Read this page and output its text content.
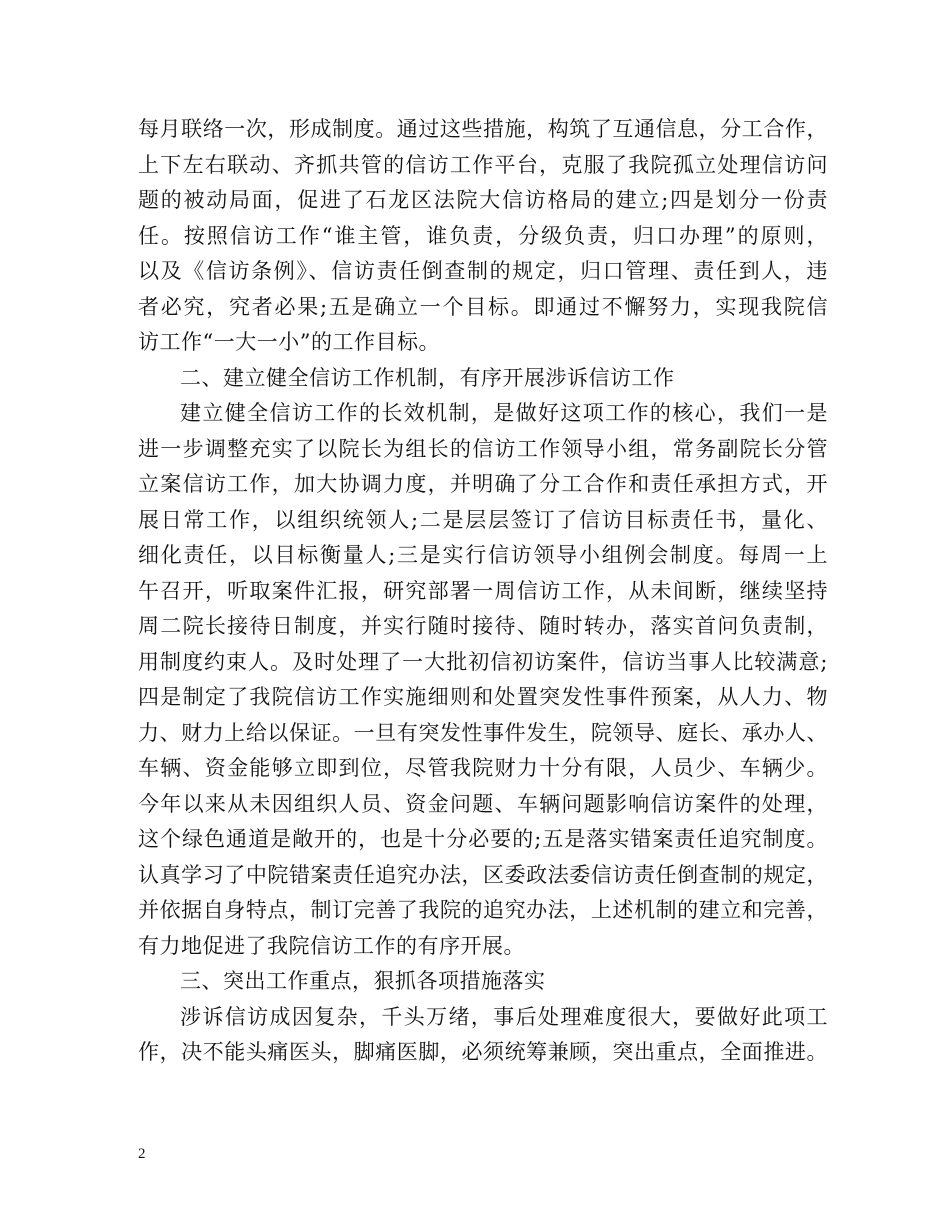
每月联络一次，形成制度。通过这些措施，构筑了互通信息，分工合作，
上下左右联动、齐抓共管的信访工作平台，克服了我院孤立处理信访问
题的被动局面，促进了石龙区法院大信访格局的建立;四是划分一份责
任。按照信访工作“谁主管，谁负责，分级负责，归口办理”的原则，
以及《信访条例》、信访责任倒查制的规定，归口管理、责任到人，违
者必究，究者必果;五是确立一个目标。即通过不懈努力，实现我院信
访工作“一大一小”的工作目标。
二、建立健全信访工作机制，有序开展涉诉信访工作
建立健全信访工作的长效机制，是做好这项工作的核心，我们一是
进一步调整充实了以院长为组长的信访工作领导小组，常务副院长分管
立案信访工作，加大协调力度，并明确了分工合作和责任承担方式，开
展日常工作，以组织统领人;二是层层签订了信访目标责任书，量化、
细化责任，以目标衡量人;三是实行信访领导小组例会制度。每周一上
午召开，听取案件汇报，研究部署一周信访工作，从未间断，继续坚持
周二院长接待日制度，并实行随时接待、随时转办，落实首问负责制，
用制度约束人。及时处理了一大批初信初访案件，信访当事人比较满意;
四是制定了我院信访工作实施细则和处置突发性事件预案，从人力、物
力、财力上给以保证。一旦有突发性事件发生，院领导、庭长、承办人、
车辆、资金能够立即到位，尽管我院财力十分有限，人员少、车辆少。
今年以来从未因组织人员、资金问题、车辆问题影响信访案件的处理，
这个绿色通道是敞开的，也是十分必要的;五是落实错案责任追究制度。
认真学习了中院错案责任追究办法，区委政法委信访责任倒查制的规定，
并依据自身特点，制订完善了我院的追究办法，上述机制的建立和完善，
有力地促进了我院信访工作的有序开展。
三、突出工作重点，狠抓各项措施落实
涉诉信访成因复杂，千头万绪，事后处理难度很大，要做好此项工
作，决不能头痛医头，脚痛医脚，必须统筹兼顾，突出重点，全面推进。
2
